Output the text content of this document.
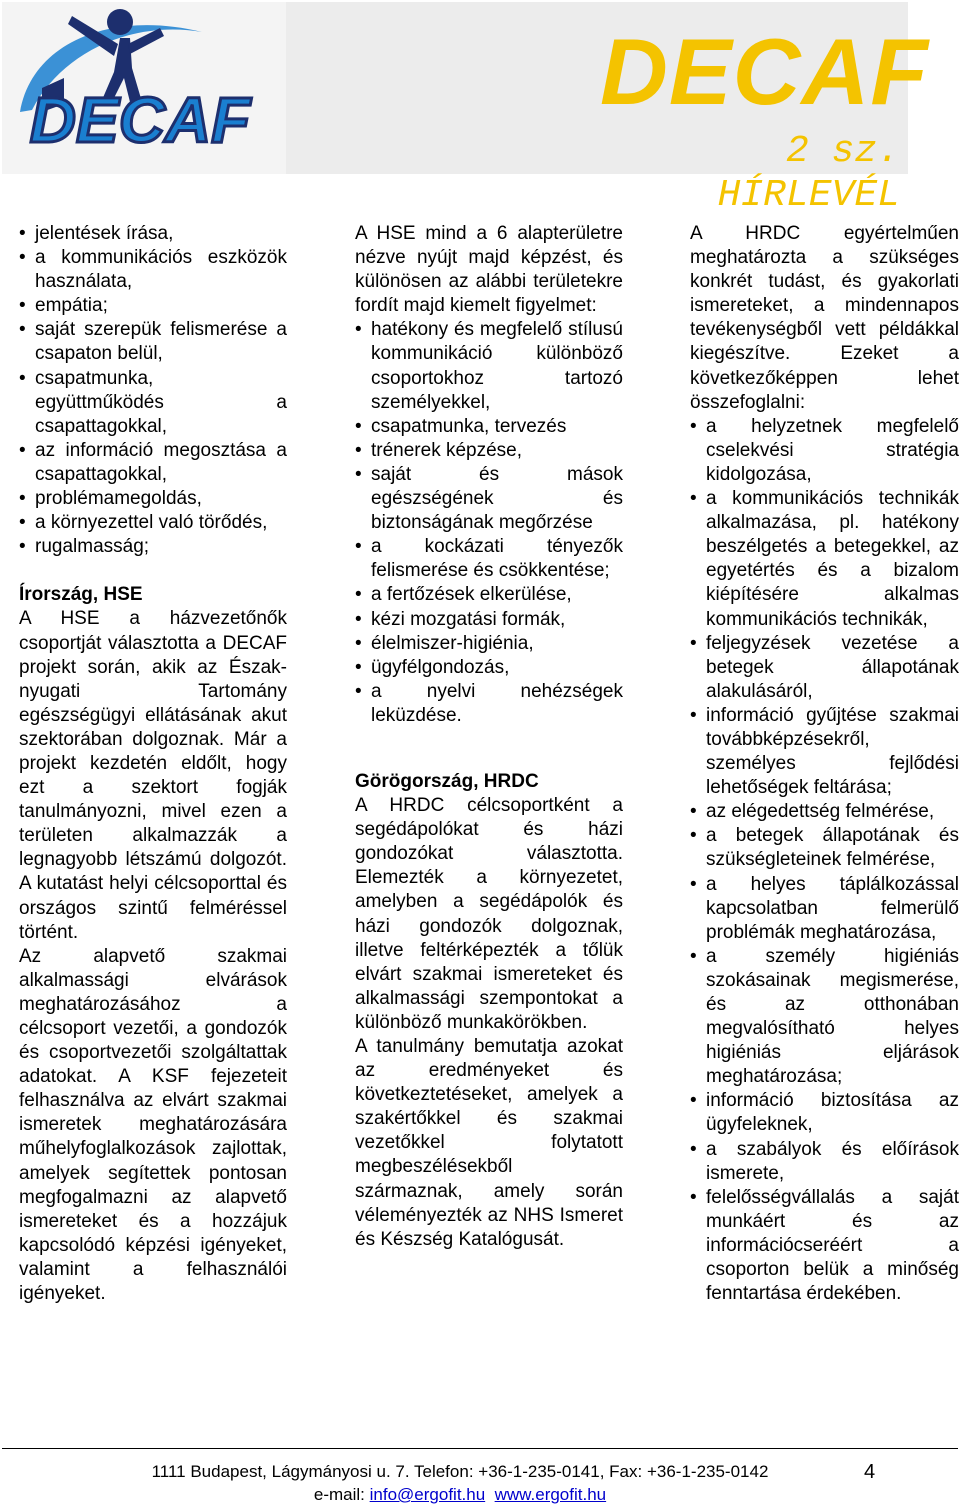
DECAF	DECAF
2 sz. HÍRLEVÉL
• jelentések írása,
• a kommunikációs eszközök használata,
• empátia;
• saját szerepük felismerése a csapaton belül,
• csapatmunka, együttműködés a csapattagokkal,
• az információ megosztása a csapattagokkal,
• problémamegoldás,
• a környezettel való törődés,
• rugalmasság;

Írország, HSE

A HSE a házvezetőnők csoportját választotta a DECAF projekt során, akik az Észak-nyugati Tartomány egészségügyi ellátásának akut szektorában dolgoznak. Már a projekt kezdetén eldőlt, hogy ezt a szektort fogják tanulmányozni, mivel ezen a területen alkalmazzák a legnagyobb létszámú dolgozót. A kutatást helyi célcsoporttal és országos szintű felméréssel történt.

Az alapvető szakmai alkalmassági elvárások meghatározásához a célcsoport vezetői, a gondozók és csoportvezetői szolgáltattak adatokat. A KSF fejezeteit felhasználva az elvárt szakmai ismeretek meghatározására műhelyfoglalkozások zajlottak, amelyek segítettek pontosan megfogalmazni az alapvető ismereteket és a hozzájuk kapcsolódó képzési igényeket, valamint a felhasználói igényeket.

A HSE mind a 6 alapterületre nézve nyújt majd képzést, és különösen az alábbi területekre fordít majd kiemelt figyelmet:

• hatékony és megfelelő stílusú kommunikáció különböző csoportokhoz tartozó személyekkel,
• csapatmunka, tervezés
• trénerek képzése,
• saját és mások egészségének és biztonságának megőrzése
• a kockázati tényezők felismerése és csökkentése;
• a fertőzések elkerülése,
• kézi mozgatási formák,
• élelmiszer-higiénia,
• ügyfélgondozás,
• a nyelvi nehézségek leküzdése.

Görögország, HRDC

A HRDC célcsoportként a segédápolókat és házi gondozókat választotta. Elemezték a környezetet, amelyben a segédápolók és házi gondozók dolgoznak, illetve feltérképezték a tőlük elvárt szakmai ismereteket és alkalmassági szempontokat a különböző munkakörökben.

A tanulmány bemutatja azokat az eredményeket és következtetéseket, amelyek a szakértőkkel és szakmai vezetőkkel folytatott megbeszélésekből származnak, amely során véleményezték az NHS Ismeret és Készség Katalógusát.

A HRDC egyértelműen meghatározta a szükséges konkrét tudást, és gyakorlati ismereteket, a mindennapos tevékenységből vett példákkal kiegészítve. Ezeket a következőképpen lehet összefoglalni:

• a helyzetnek megfelelő cselekvési stratégia kidolgozása,
• a kommunikációs technikák alkalmazása, pl. hatékony beszélgetés a betegekkel, az egyetértés és a bizalom kiépítésére alkalmas kommunikációs technikák,
• feljegyzések vezetése a betegek állapotának alakulásáról,
• információ gyűjtése szakmai továbbképzésekről, személyes fejlődési lehetőségek feltárása;
• az elégedettség felmérése,
• a betegek állapotának és szükségleteinek felmérése,
• a helyes táplálkozással kapcsolatban felmerülő problémák meghatározása,
• a személy higiéniás szokásainak megismerése, és az otthonában megvalósítható helyes higiéniás eljárások meghatározása;
• információ biztosítása az ügyfeleknek,
• a szabályok és előírások ismerete,
• felelősségvállalás a saját munkáért és az információcseréért a csoporton belük a minőség fenntartása érdekében.
1111 Budapest, Lágymányosi u. 7. Telefon: +36-1-235-0141, Fax: +36-1-235-0142
e-mail: info@ergofit.hu www.ergofit.hu
4
